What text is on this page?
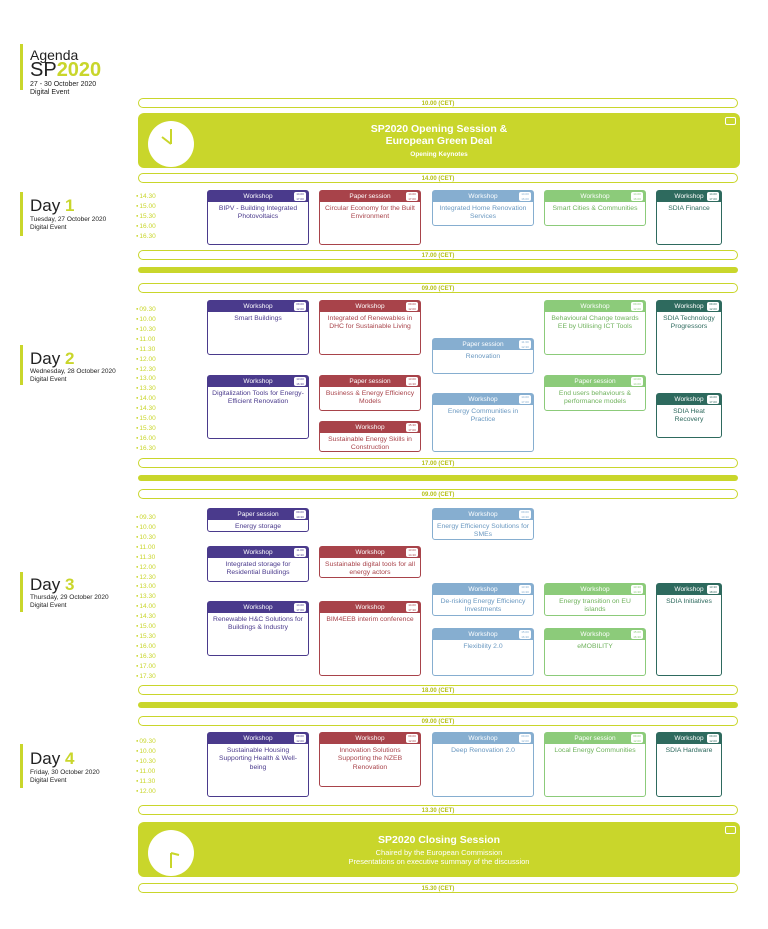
Agenda
SP2020
27 - 30 October 2020
Digital Event
10.00 (CET)
SP2020 Opening Session &
European Green Deal
Opening Keynotes
14.00 (CET)
Day 1
Tuesday, 27 October 2020
Digital Event
● 14.30
● 15.00
● 15.30
● 16.00
● 16.30
Workshop	14.00 17.00
BIPV - Building Integrated Photovoltaics
Paper session	14.00 17.00
Circular Economy for the Built Environment
Workshop	14.00 16.00
Integrated Home Renovation Services
Workshop	14.00 16.00
Smart Cities & Communities
Workshop	14.00 17.00
SDIA Finance
17.00 (CET)
09.00 (CET)
Day 2
Wednesday, 28 October 2020
Digital Event
● 09.30
● 10.00
● 10.30
● 11.00
● 11.30
● 12.00
● 12.30
● 13.00
● 13.30
● 14.00
● 14.30
● 15.00
● 15.30
● 16.00
● 16.30
Workshop	09.00 12.00
Smart Buildings
Workshop	09.00 12.00
Integrated of Renewables in DHC for Sustainable Living
Paper session	11.30 12.30
Renovation
Workshop	09.00 12.00
Behavioural Change towards EE by Utilising ICT Tools
Workshop	09.00 12.00
SDIA Technology Progressors
Workshop	13.00 16.30
Digitalization Tools for Energy-Efficient Renovation
Paper session	13.00 14.30
Business & Energy Efficiency Models	Workshop	14.00 17.00
Energy Communities in Practice
Paper session	13.00 14.00
End users behaviours & performance models	Workshop	14.00 17.00
SDIA Heat Recovery
Workshop	15.30 17.00
Sustainable Energy Skills in Construction
17.00 (CET)
09.00 (CET)
Day 3
Thursday, 29 October 2020
Digital Event
● 09.30
● 10.00
● 10.30
● 11.00
● 11.30
● 12.00
● 12.30
● 13.00
● 13.30
● 14.00
● 14.30
● 15.00
● 15.30
● 16.00
● 16.30
● 17.00
● 17.30
Paper session	09.00 10.30
Energy storage
Workshop	09.00 10.30
Energy Efficiency Solutions for SMEs
Workshop	11.00 12.30
Integrated storage for Residential Buildings
Workshop	13.00 14.30
Sustainable digital tools for all energy actors
Workshop	13.30 14.30
De-risking Energy Efficiency Investments
Workshop	13.30 14.30
Energy transition on EU islands
Workshop	13.30 18.00
SDIA Initiatives
Workshop	14.00 17.00
Renewable H&C Solutions for Buildings & Industry
Workshop	14.00 17.30
BIM4EEB interim conference
Workshop	15.00 16.30
Flexibility 2.0
Workshop	15.00 16.30
eMOBILITY
18.00 (CET)
09.00 (CET)
Day 4
Friday, 30 October 2020
Digital Event
● 09.30
● 10.00
● 10.30
● 11.00
● 11.30
● 12.00
Workshop	09.00 12.00
Sustainable Housing Supporting Health & Well-being
Workshop	09.00 12.00
Innovation Solutions Supporting the NZEB Renovation
Workshop	09.00 12.00
Deep Renovation 2.0
Paper session	09.00 12.00
Local Energy Communities
Workshop	09.00 12.00
SDIA Hardware
13.30 (CET)
SP2020 Closing Session
Chaired by the European Commission
Presentations on executive summary of the discussion
15.30 (CET)
